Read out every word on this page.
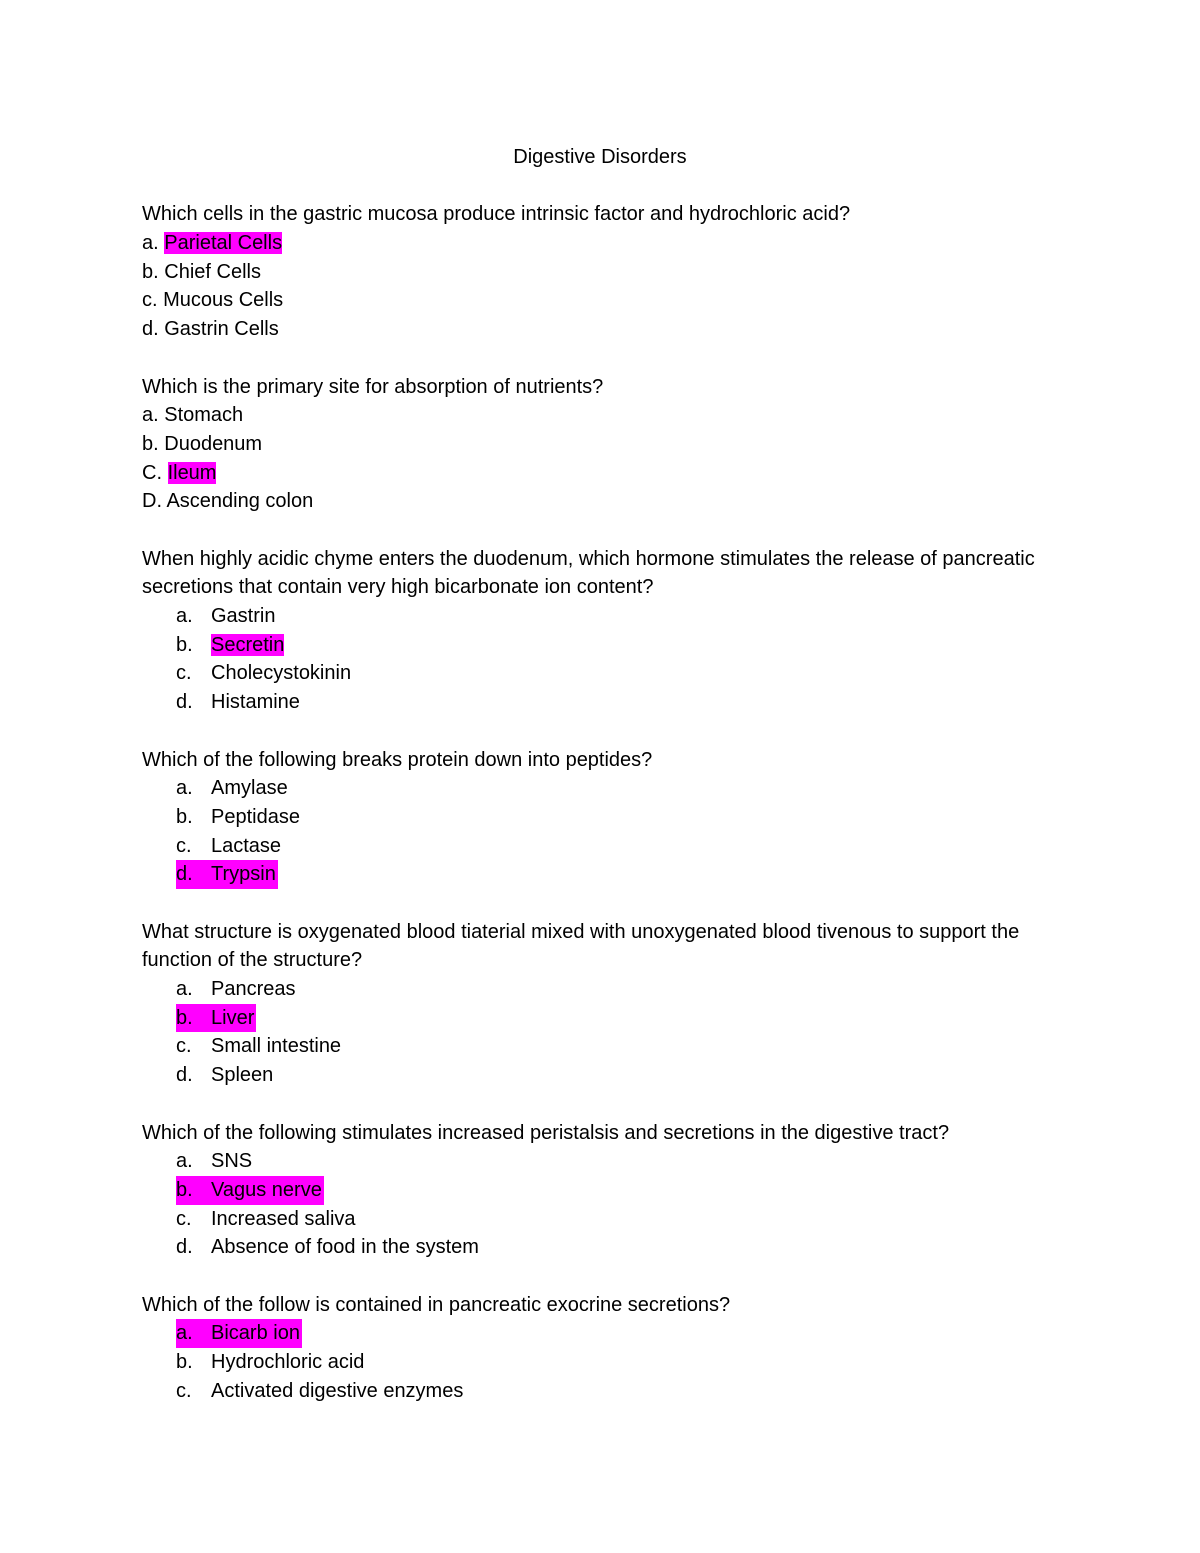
Digestive Disorders
Which cells in the gastric mucosa produce intrinsic factor and hydrochloric acid?
a. Parietal Cells
b. Chief Cells
c. Mucous Cells
d. Gastrin Cells
Which is the primary site for absorption of nutrients?
a. Stomach
b. Duodenum
C. Ileum
D. Ascending colon
When highly acidic chyme enters the duodenum, which hormone stimulates the release of pancreatic secretions that contain very high bicarbonate ion content?
a. Gastrin
b. Secretin
c. Cholecystokinin
d. Histamine
Which of the following breaks protein down into peptides?
a. Amylase
b. Peptidase
c. Lactase
d. Trypsin
What structure is oxygenated blood tiaterial mixed with unoxygenated blood tivenous to support the function of the structure?
a. Pancreas
b. Liver
c. Small intestine
d. Spleen
Which of the following stimulates increased peristalsis and secretions in the digestive tract?
a. SNS
b. Vagus nerve
c. Increased saliva
d. Absence of food in the system
Which of the follow is contained in pancreatic exocrine secretions?
a. Bicarb ion
b. Hydrochloric acid
c. Activated digestive enzymes
